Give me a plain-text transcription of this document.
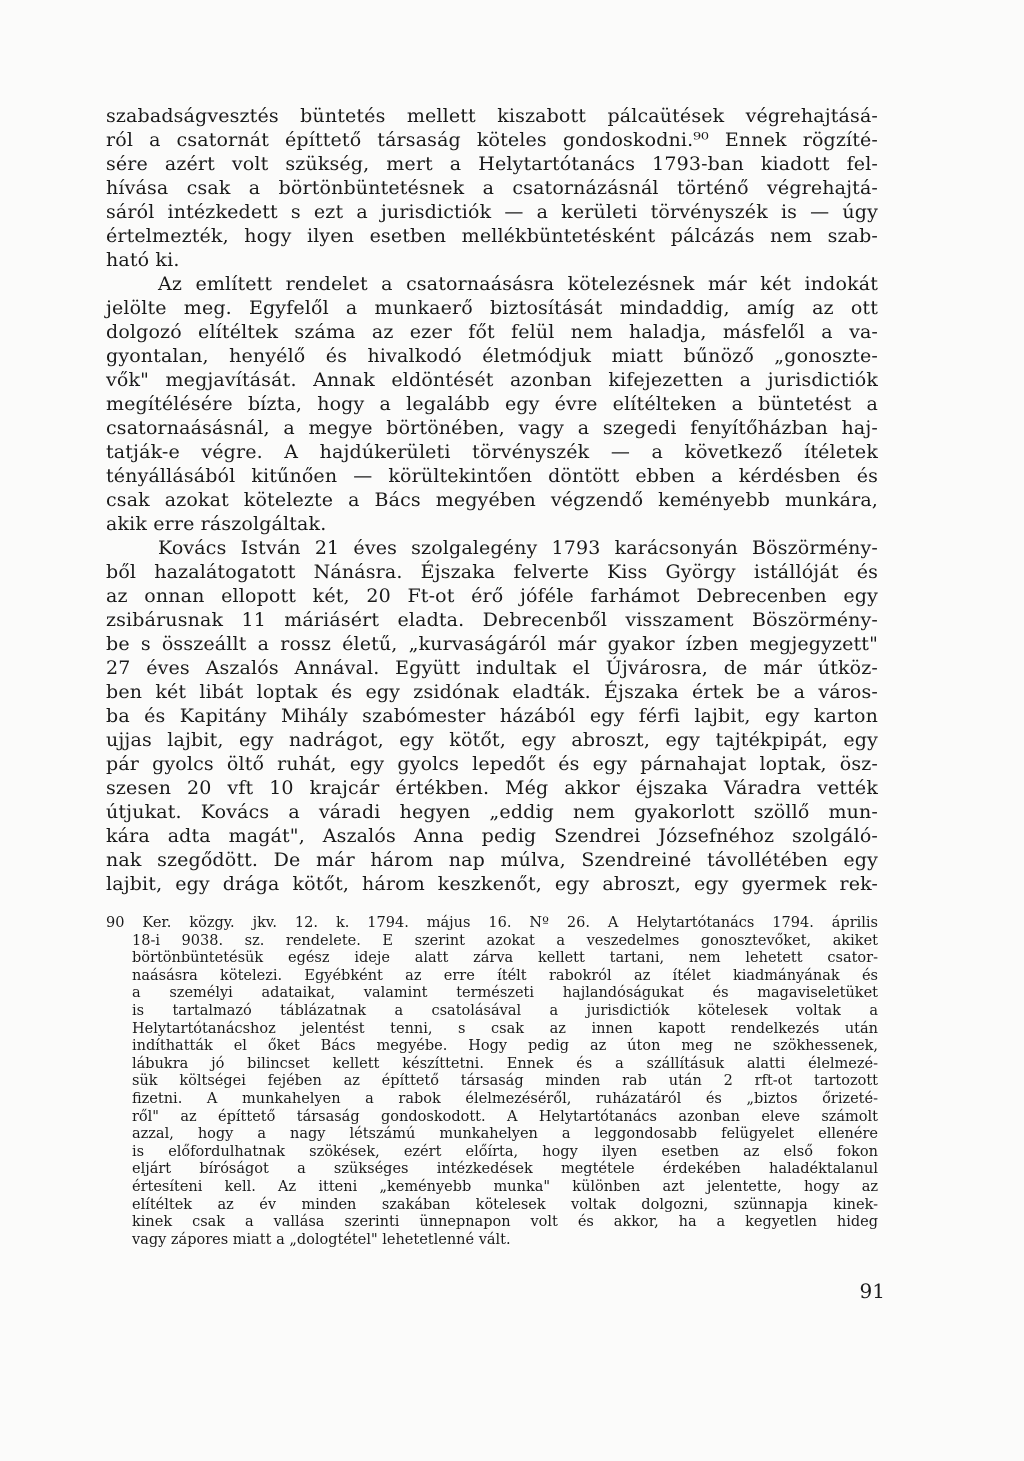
szabadságvesztés büntetés mellett kiszabott pálcaütések végrehajtásá-
ról a csatornát építtető társaság köteles gondoskodni.⁹⁰ Ennek rögzíté-
sére azért volt szükség, mert a Helytartótanács 1793-ban kiadott fel-
hívása csak a börtönbüntetésnek a csatornázásnál történő végrehajtá-
sáról intézkedett s ezt a jurisdictiók — a kerületi törvényszék is — úgy
értelmezték, hogy ilyen esetben mellékbüntetésként pálcázás nem szab-
ható ki.
Az említett rendelet a csatornaásásra kötelezésnek már két indokát
jelölte meg. Egyfelől a munkaerő biztosítását mindaddig, amíg az ott
dolgozó elítéltek száma az ezer főt felül nem haladja, másfelől a va-
gyontalan, henyélő és hivalkodó életmódjuk miatt bűnöző „gonoszte-
vők" megjavítását. Annak eldöntését azonban kifejezetten a jurisdictiók
megítélésére bízta, hogy a legalább egy évre elítélteken a büntetést a
csatornaásásnál, a megye börtönében, vagy a szegedi fenyítőházban haj-
tatják-e végre. A hajdúkerületi törvényszék — a következő ítéletek
tényállásából kitűnően — körültekintően döntött ebben a kérdésben és
csak azokat kötelezte a Bács megyében végzendő keményebb munkára,
akik erre rászolgáltak.
Kovács István 21 éves szolgalegény 1793 karácsonyán Böszörmény-
ből hazalátogatott Nánásra. Éjszaka felverte Kiss György istállóját és
az onnan ellopott két, 20 Ft-ot érő jóféle farhámot Debrecenben egy
zsibárusnak 11 máriásért eladta. Debrecenből visszament Böszörmény-
be s összeállt a rossz életű, „kurvaságáról már gyakor ízben megjegyzett"
27 éves Aszalós Annával. Együtt indultak el Újvárosra, de már útköz-
ben két libát loptak és egy zsidónak eladták. Éjszaka értek be a város-
ba és Kapitány Mihály szabómester házából egy férfi lajbit, egy karton
ujjas lajbit, egy nadrágot, egy kötőt, egy abroszt, egy tajtékpipát, egy
pár gyolcs öltő ruhát, egy gyolcs lepedőt és egy párnahajat loptak, ösz-
szesen 20 vft 10 krajcár értékben. Még akkor éjszaka Váradra vették
útjukat. Kovács a váradi hegyen „eddig nem gyakorlott szöllő mun-
kára adta magát", Aszalós Anna pedig Szendrei Józsefnéhoz szolgáló-
nak szegődött. De már három nap múlva, Szendreiné távollétében egy
lajbit, egy drága kötőt, három keszkenőt, egy abroszt, egy gyermek rek-
90 Ker. közgy. jkv. 12. k. 1794. május 16. Nº 26. A Helytartótanács 1794. április
18-i 9038. sz. rendelete. E szerint azokat a veszedelmes gonosztevőket, akiket
börtönbüntetésük egész ideje alatt zárva kellett tartani, nem lehetett csator-
naásásra kötelezi. Egyébként az erre ítélt rabokról az ítélet kiadmányának és
a személyi adataikat, valamint természeti hajlandóságukat és magaviseletüket
is tartalmazó táblázatnak a csatolásával a jurisdictiók kötelesek voltak a
Helytartótanácshoz jelentést tenni, s csak az innen kapott rendelkezés után
indíthatták el őket Bács megyébe. Hogy pedig az úton meg ne szökhessenek,
lábukra jó bilincset kellett készíttetni. Ennek és a szállításuk alatti élelmezé-
sük költségei fejében az építtető társaság minden rab után 2 rft-ot tartozott
fizetni. A munkahelyen a rabok élelmezéséről, ruházatáról és „biztos őrizeté-
ről" az építtető társaság gondoskodott. A Helytartótanács azonban eleve számolt
azzal, hogy a nagy létszámú munkahelyen a leggondosabb felügyelet ellenére
is előfordulhatnak szökések, ezért előírta, hogy ilyen esetben az első fokon
eljárt bíróságot a szükséges intézkedések megtétele érdekében haladéktalanul
értesíteni kell. Az itteni „keményebb munka" különben azt jelentette, hogy az
elítéltek az év minden szakában kötelesek voltak dolgozni, szünnapja kinek-
kinek csak a vallása szerinti ünnepnapon volt és akkor, ha a kegyetlen hideg
vagy zápores miatt a „dologtétel" lehetetlenné vált.
91
